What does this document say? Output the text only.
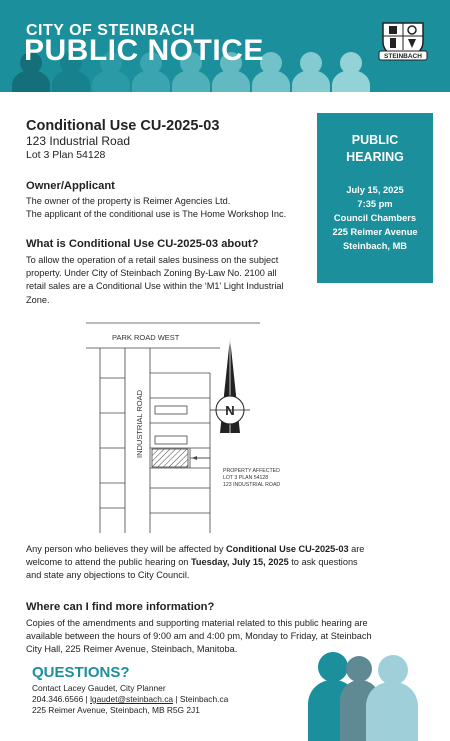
CITY OF STEINBACH
PUBLIC NOTICE	STEINBACH
Conditional Use CU-2025-03
123 Industrial Road
Lot 3 Plan 54128
Owner/Applicant
The owner of the property is Reimer Agencies Ltd.
The applicant of the conditional use is The Home Workshop Inc.
What is Conditional Use CU-2025-03 about?
To allow the operation of a retail sales business on the subject
property. Under City of Steinbach Zoning By-Law No. 2100 all
retail sales are a Conditional Use within the ‘M1’ Light Industrial
Zone.
PUBLIC
HEARING
July 15, 2025
7:35 pm
Council Chambers
225 Reimer Avenue
Steinbach, MB
PARK ROAD WEST
INDUSTRIAL ROAD	N
PROPERTY AFFECTED
LOT 3 PLAN 54128
123 INDUSTRIAL ROAD
Any person who believes they will be affected by Conditional Use CU-2025-03 are
welcome to attend the public hearing on Tuesday, July 15, 2025 to ask questions
and state any objections to City Council.
Where can I find more information?
Copies of the amendments and supporting material related to this public hearing are
available between the hours of 9:00 am and 4:00 pm, Monday to Friday, at Steinbach
City Hall, 225 Reimer Avenue, Steinbach, Manitoba.
QUESTIONS?
Contact Lacey Gaudet, City Planner
204.346.6566 | lgaudet@steinbach.ca | Steinbach.ca
225 Reimer Avenue, Steinbach, MB R5G 2J1
